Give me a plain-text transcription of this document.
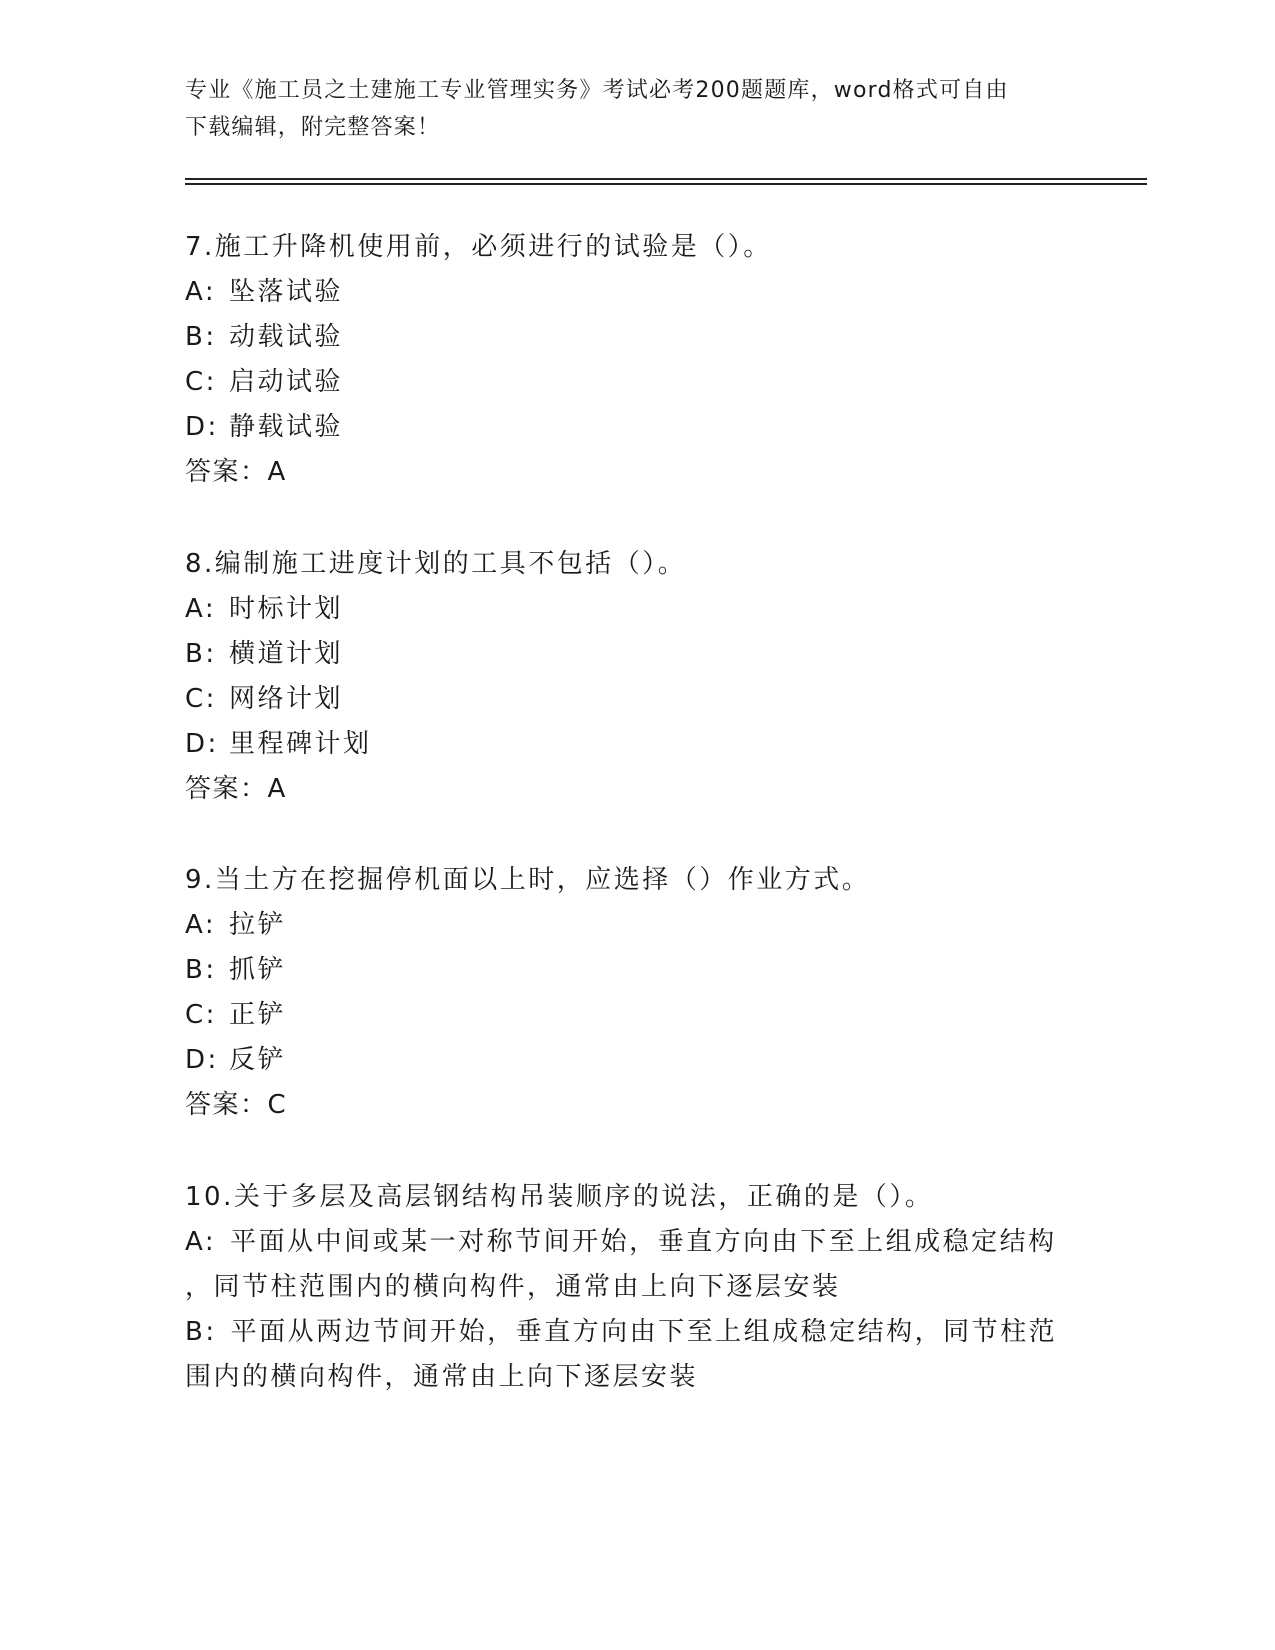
专业《施工员之土建施工专业管理实务》考试必考200题题库，word格式可自由
下载编辑，附完整答案！
7.施工升降机使用前，必须进行的试验是（）。
A: 坠落试验
B: 动载试验
C: 启动试验
D: 静载试验
答案：A
8.编制施工进度计划的工具不包括（）。
A: 时标计划
B: 横道计划
C: 网络计划
D: 里程碑计划
答案：A
9.当土方在挖掘停机面以上时，应选择（）作业方式。
A: 拉铲
B: 抓铲
C: 正铲
D: 反铲
答案：C
10.关于多层及高层钢结构吊装顺序的说法，正确的是（）。
A: 平面从中间或某一对称节间开始，垂直方向由下至上组成稳定结构
，同节柱范围内的横向构件，通常由上向下逐层安装
B: 平面从两边节间开始，垂直方向由下至上组成稳定结构，同节柱范
围内的横向构件，通常由上向下逐层安装
